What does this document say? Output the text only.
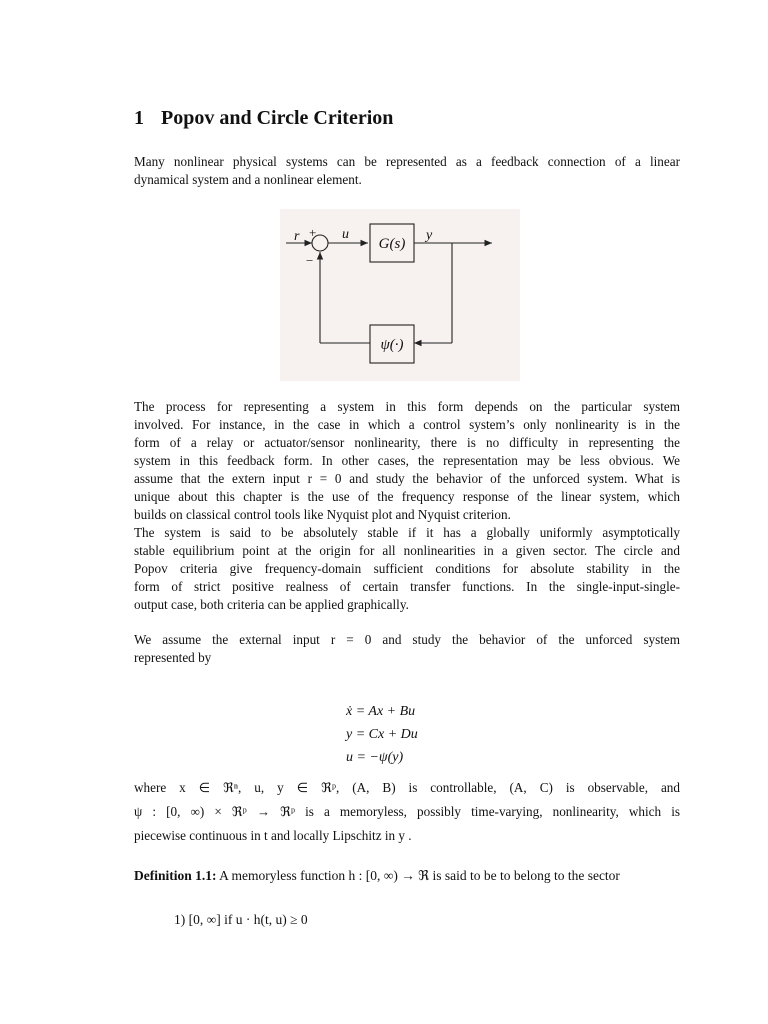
1 Popov and Circle Criterion

Many nonlinear physical systems can be represented as a feedback connection of a linear
dynamical system and a nonlinear element.

r +
−
u
G(s)
y
ψ(·)

The process for representing a system in this form depends on the particular system
involved. For instance, in the case in which a control system’s only nonlinearity is in the
form of a relay or actuator/sensor nonlinearity, there is no difficulty in representing the
system in this feedback form. In other cases, the representation may be less obvious. We
assume that the extern input r = 0 and study the behavior of the unforced system. What is
unique about this chapter is the use of the frequency response of the linear system, which
builds on classical control tools like Nyquist plot and Nyquist criterion.

The system is said to be absolutely stable if it has a globally uniformly asymptotically
stable equilibrium point at the origin for all nonlinearities in a given sector. The circle and
Popov criteria give frequency-domain sufficient conditions for absolute stability in the
form of strict positive realness of certain transfer functions. In the single-input-single-
output case, both criteria can be applied graphically.

We assume the external input r = 0 and study the behavior of the unforced system
represented by

ẋ = Ax + Bu
y = Cx + Du
u = −ψ(y)

where x ∈ ℜⁿ, u, y ∈ ℜᵖ, (A, B) is controllable, (A, C) is observable, and
ψ : [0, ∞) × ℜᵖ → ℜᵖ is a memoryless, possibly time-varying, nonlinearity, which is
piecewise continuous in t and locally Lipschitz in y .

Definition 1.1: A memoryless function h : [0, ∞) → ℜ is said to be to belong to the sector
1) [0, ∞] if u · h(t, u) ≥ 0
